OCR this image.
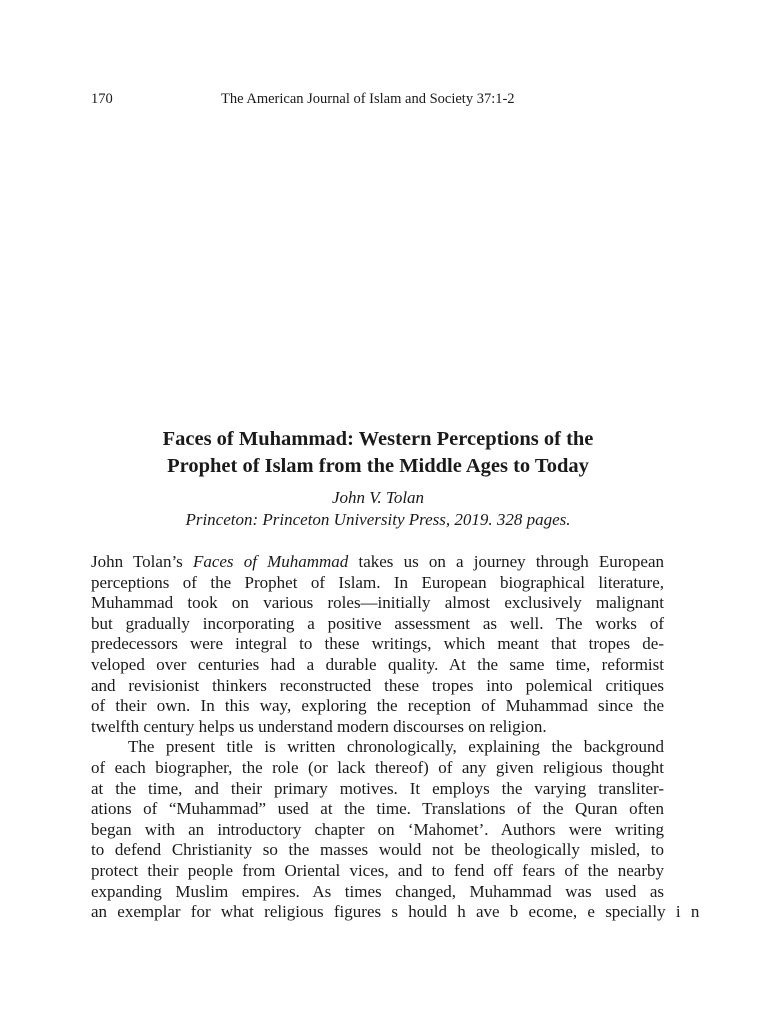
170	The American Journal of Islam and Society 37:1-2
Faces of Muhammad: Western Perceptions of the
Prophet of Islam from the Middle Ages to Today
John V. Tolan
Princeton: Princeton University Press, 2019. 328 pages.
John Tolan’s Faces of Muhammad takes us on a journey through European
perceptions of the Prophet of Islam. In European biographical literature,
Muhammad took on various roles—initially almost exclusively malignant
but gradually incorporating a positive assessment as well. The works of
predecessors were integral to these writings, which meant that tropes de-
veloped over centuries had a durable quality. At the same time, reformist
and revisionist thinkers reconstructed these tropes into polemical critiques
of their own. In this way, exploring the reception of Muhammad since the
twelfth century helps us understand modern discourses on religion.
The present title is written chronologically, explaining the background
of each biographer, the role (or lack thereof) of any given religious thought
at the time, and their primary motives. It employs the varying transliter-
ations of “Muhammad” used at the time. Translations of the Quran often
began with an introductory chapter on ‘Mahomet’. Authors were writing
to defend Christianity so the masses would not be theologically misled, to
protect their people from Oriental vices, and to fend off fears of the nearby
expanding Muslim empires. As times changed, Muhammad was used as
an exemplar for what religious figures s hould h ave b ecome, e specially i n
